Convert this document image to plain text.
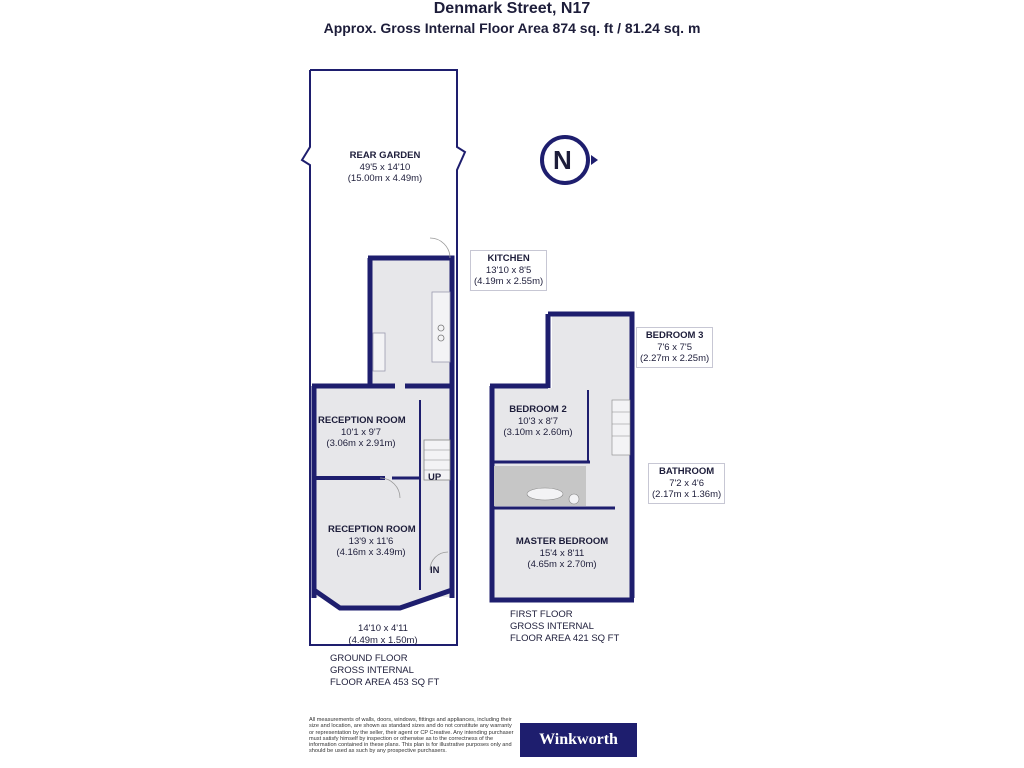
Denmark Street, N17
Approx. Gross Internal Floor Area 874 sq. ft / 81.24 sq. m
N
REAR GARDEN
49'5 x 14'10
(15.00m x 4.49m)
KITCHEN
13'10 x 8'5
(4.19m x 2.55m)
RECEPTION ROOM
10'1 x 9'7
(3.06m x 2.91m)
RECEPTION ROOM
13'9 x 11'6
(4.16m x 3.49m)
14'10 x 4'11
(4.49m x 1.50m)
UP
IN
BEDROOM 3
7'6 x 7'5
(2.27m x 2.25m)
BEDROOM 2
10'3 x 8'7
(3.10m x 2.60m)
BATHROOM
7'2 x 4'6
(2.17m x 1.36m)
MASTER BEDROOM
15'4 x 8'11
(4.65m x 2.70m)
GROUND FLOOR
GROSS INTERNAL
FLOOR AREA 453 SQ FT
FIRST FLOOR
GROSS INTERNAL
FLOOR AREA 421 SQ FT
All measurements of walls, doors, windows, fittings and appliances, including their size and location, are shown as standard sizes and do not constitute any warranty or representation by the seller, their agent or CP Creative. Any intending purchaser must satisfy himself by inspection or otherwise as to the correctness of the information contained in these plans. This plan is for illustrative purposes only and should be used as such by any prospective purchasers.
Winkworth
